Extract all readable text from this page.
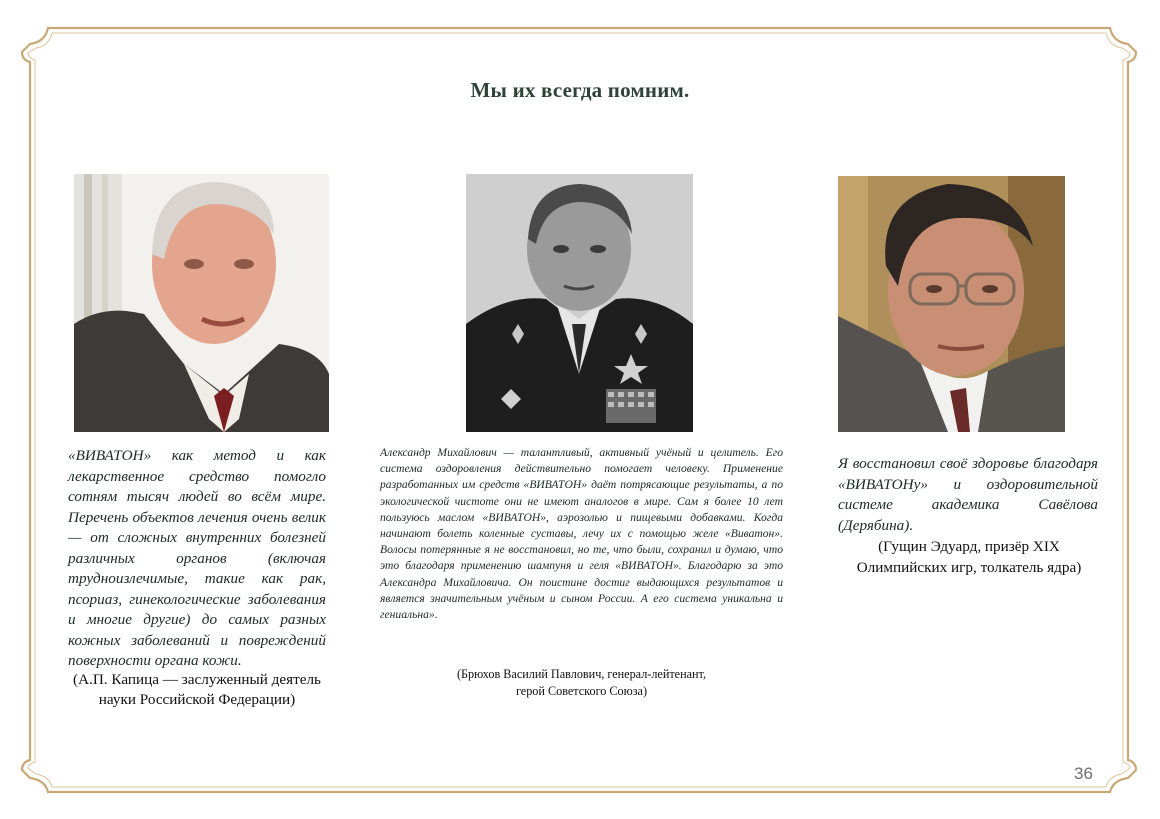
Мы их всегда помним.
«ВИВАТОН» как метод и как лекарственное средство помогло сотням тысяч людей во всём мире. Перечень объектов лечения очень велик — от сложных внутренних болезней различных органов (включая трудноизлечимые, такие как рак, псориаз, гинекологические заболевания и многие другие) до самых разных кожных заболеваний и повреждений поверхности органа кожи.
(А.П. Капица — заслуженный деятель
науки Российской Федерации)
Александр Михайлович — талантливый, активный учёный и целитель. Его система оздоровления действительно помогает человеку. Применение разработанных им средств «ВИВАТОН» даёт потрясающие результаты, а по экологической чистоте они не имеют аналогов в мире. Сам я более 10 лет пользуюсь маслом «ВИВАТОН», аэрозолью и пищевыми добавками. Когда начинают болеть коленные суставы, лечу их с помощью желе «Виватон». Волосы потерянные я не восстановил, но те, что были, сохранил и думаю, что это благодаря применению шампуня и геля «ВИВАТОН». Благодарю за это Александра Михайловича. Он поистине достиг выдающихся результатов и является значительным учёным и сыном России. А его система уникальна и гениальна».
(Брюхов Василий Павлович, генерал-лейтенант,
герой Советского Союза)
Я восстановил своё здоровье благодаря «ВИВАТОНу» и оздоровительной системе академика Савёлова (Дерябина).
(Гущин Эдуард, призёр XIX
Олимпийских игр, толкатель ядра)
36
